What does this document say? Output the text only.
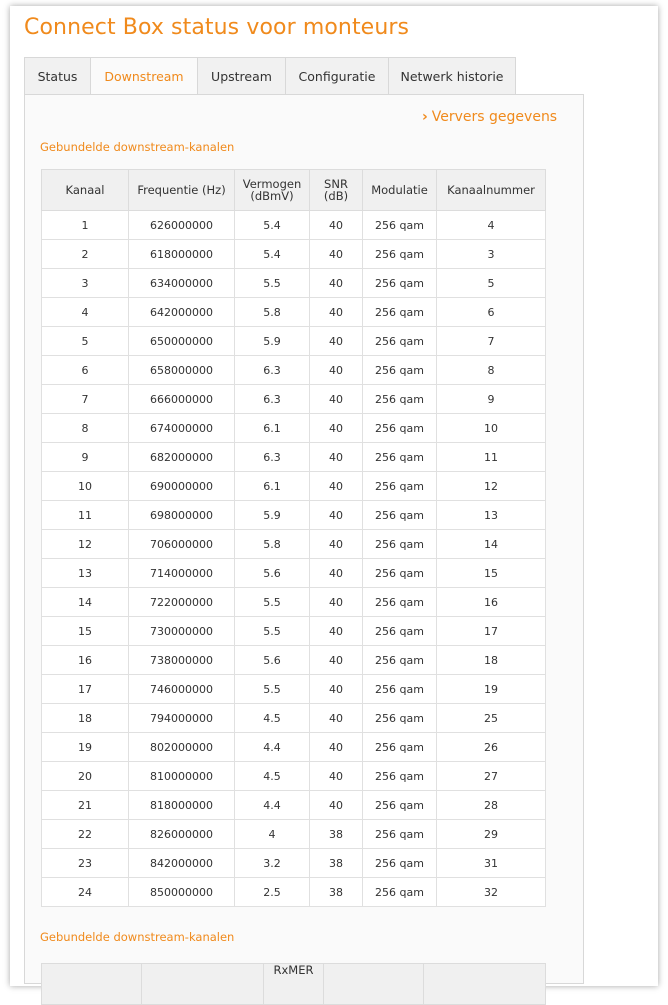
Connect Box status voor monteurs
Status	Downstream	Upstream	Configuratie	Netwerk historie
› Ververs gegevens
Gebundelde downstream-kanalen
Kanaal	Frequentie (Hz)	Vermogen (dBmV)	SNR (dB)	Modulatie	Kanaalnummer
1	626000000	5.4	40	256 qam	4
2	618000000	5.4	40	256 qam	3
3	634000000	5.5	40	256 qam	5
4	642000000	5.8	40	256 qam	6
5	650000000	5.9	40	256 qam	7
6	658000000	6.3	40	256 qam	8
7	666000000	6.3	40	256 qam	9
8	674000000	6.1	40	256 qam	10
9	682000000	6.3	40	256 qam	11
10	690000000	6.1	40	256 qam	12
11	698000000	5.9	40	256 qam	13
12	706000000	5.8	40	256 qam	14
13	714000000	5.6	40	256 qam	15
14	722000000	5.5	40	256 qam	16
15	730000000	5.5	40	256 qam	17
16	738000000	5.6	40	256 qam	18
17	746000000	5.5	40	256 qam	19
18	794000000	4.5	40	256 qam	25
19	802000000	4.4	40	256 qam	26
20	810000000	4.5	40	256 qam	27
21	818000000	4.4	40	256 qam	28
22	826000000	4	38	256 qam	29
23	842000000	3.2	38	256 qam	31
24	850000000	2.5	38	256 qam	32
Gebundelde downstream-kanalen
		RxMER		
